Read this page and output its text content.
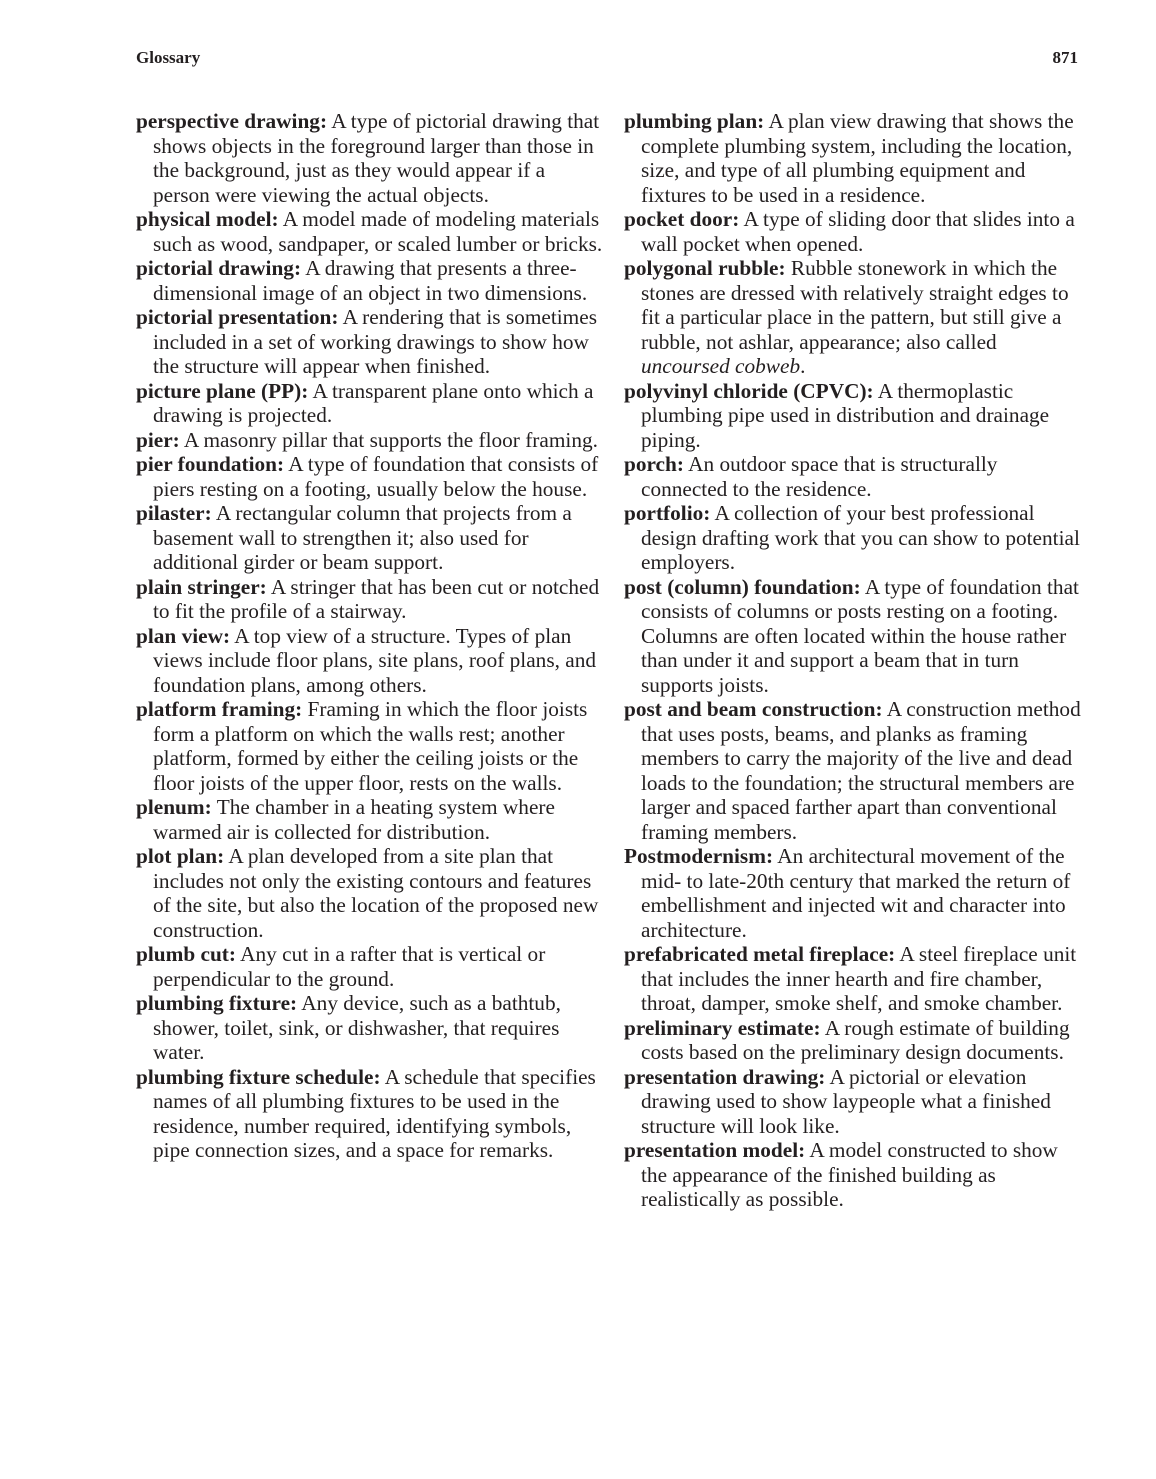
Glossary	871

perspective drawing: A type of pictorial drawing that shows objects in the foreground larger than those in the background, just as they would appear if a person were viewing the actual objects.

physical model: A model made of modeling materials such as wood, sandpaper, or scaled lumber or bricks.

pictorial drawing: A drawing that presents a three-dimensional image of an object in two dimensions.

pictorial presentation: A rendering that is sometimes included in a set of working drawings to show how the structure will appear when finished.

picture plane (PP): A transparent plane onto which a drawing is projected.

pier: A masonry pillar that supports the floor framing.

pier foundation: A type of foundation that consists of piers resting on a footing, usually below the house.

pilaster: A rectangular column that projects from a basement wall to strengthen it; also used for additional girder or beam support.

plain stringer: A stringer that has been cut or notched to fit the profile of a stairway.

plan view: A top view of a structure. Types of plan views include floor plans, site plans, roof plans, and foundation plans, among others.

platform framing: Framing in which the floor joists form a platform on which the walls rest; another platform, formed by either the ceiling joists or the floor joists of the upper floor, rests on the walls.

plenum: The chamber in a heating system where warmed air is collected for distribution.

plot plan: A plan developed from a site plan that includes not only the existing contours and features of the site, but also the location of the proposed new construction.

plumb cut: Any cut in a rafter that is vertical or perpendicular to the ground.

plumbing fixture: Any device, such as a bathtub, shower, toilet, sink, or dishwasher, that requires water.

plumbing fixture schedule: A schedule that specifies names of all plumbing fixtures to be used in the residence, number required, identifying symbols, pipe connection sizes, and a space for remarks.

plumbing plan: A plan view drawing that shows the complete plumbing system, including the location, size, and type of all plumbing equipment and fixtures to be used in a residence.

pocket door: A type of sliding door that slides into a wall pocket when opened.

polygonal rubble: Rubble stonework in which the stones are dressed with relatively straight edges to fit a particular place in the pattern, but still give a rubble, not ashlar, appearance; also called uncoursed cobweb.

polyvinyl chloride (CPVC): A thermoplastic plumbing pipe used in distribution and drainage piping.

porch: An outdoor space that is structurally connected to the residence.

portfolio: A collection of your best professional design drafting work that you can show to potential employers.

post (column) foundation: A type of foundation that consists of columns or posts resting on a footing. Columns are often located within the house rather than under it and support a beam that in turn supports joists.

post and beam construction: A construction method that uses posts, beams, and planks as framing members to carry the majority of the live and dead loads to the foundation; the structural members are larger and spaced farther apart than conventional framing members.

Postmodernism: An architectural movement of the mid- to late-20th century that marked the return of embellishment and injected wit and character into architecture.

prefabricated metal fireplace: A steel fireplace unit that includes the inner hearth and fire chamber, throat, damper, smoke shelf, and smoke chamber.

preliminary estimate: A rough estimate of building costs based on the preliminary design documents.

presentation drawing: A pictorial or elevation drawing used to show laypeople what a finished structure will look like.

presentation model: A model constructed to show the appearance of the finished building as realistically as possible.
